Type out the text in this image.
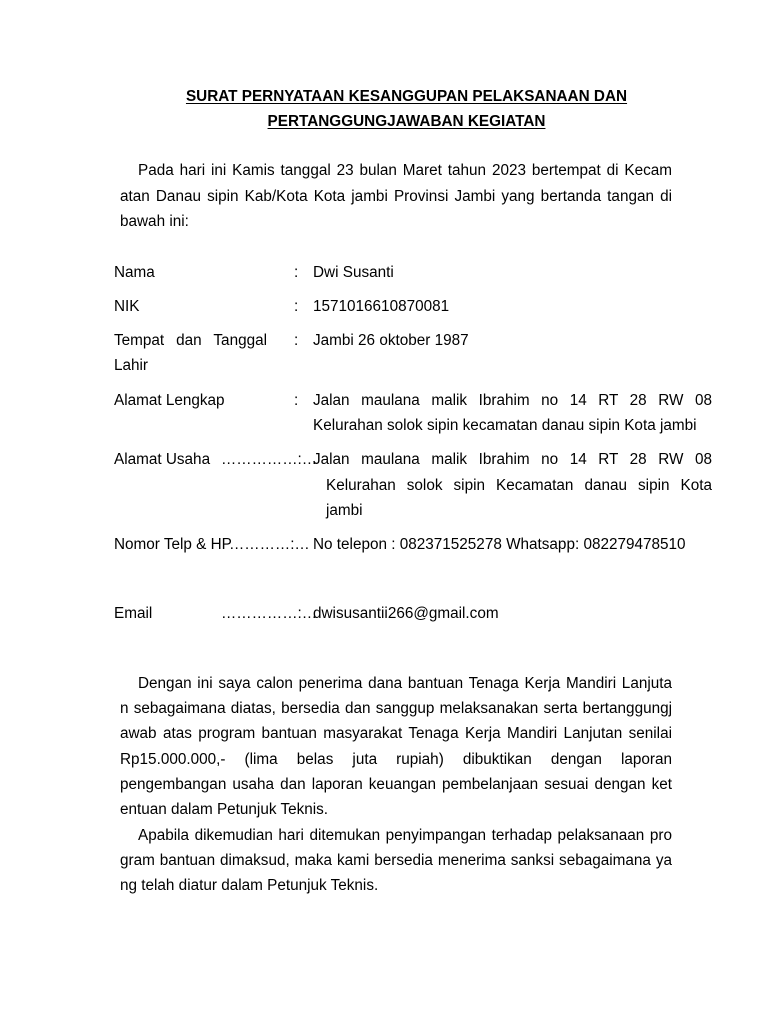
SURAT PERNYATAAN KESANGGUPAN PELAKSANAAN DAN

PERTANGGUNGJAWABAN KEGIATAN

Pada hari ini Kamis tanggal 23 bulan Maret tahun 2023 bertempat di Kecam

atan Danau sipin Kab/Kota Kota jambi Provinsi Jambi yang bertanda tangan di

bawah ini:

Nama	: Dwi Susanti

NIK	: 1571016610870081

Tempat dan Tanggal

Lahir

: Jambi 26 oktober 1987

Alamat Lengkap	: Jalan maulana malik Ibrahim no 14 RT 28 RW 08

Kelurahan solok sipin kecamatan danau sipin Kota jambi

Alamat Usaha ……………:…

Jalan maulana malik Ibrahim no 14 RT 28 RW 08

Kelurahan solok sipin Kecamatan danau sipin Kota

jambi

Nomor Telp & HP

…………:… No telepon : 082371525278 Whatsapp: 082279478510

Email	……………:…

dwisusantii266@gmail.com

Dengan ini saya calon penerima dana bantuan Tenaga Kerja Mandiri Lanjuta

n sebagaimana diatas, bersedia dan sanggup melaksanakan serta bertanggungj

awab atas program bantuan masyarakat Tenaga Kerja Mandiri Lanjutan senilai

Rp15.000.000,- (lima belas juta rupiah) dibuktikan dengan laporan

pengembangan usaha dan laporan keuangan pembelanjaan sesuai dengan ket

entuan dalam Petunjuk Teknis.

Apabila dikemudian hari ditemukan penyimpangan terhadap pelaksanaan pro

gram bantuan dimaksud, maka kami bersedia menerima sanksi sebagaimana ya

ng telah diatur dalam Petunjuk Teknis.
